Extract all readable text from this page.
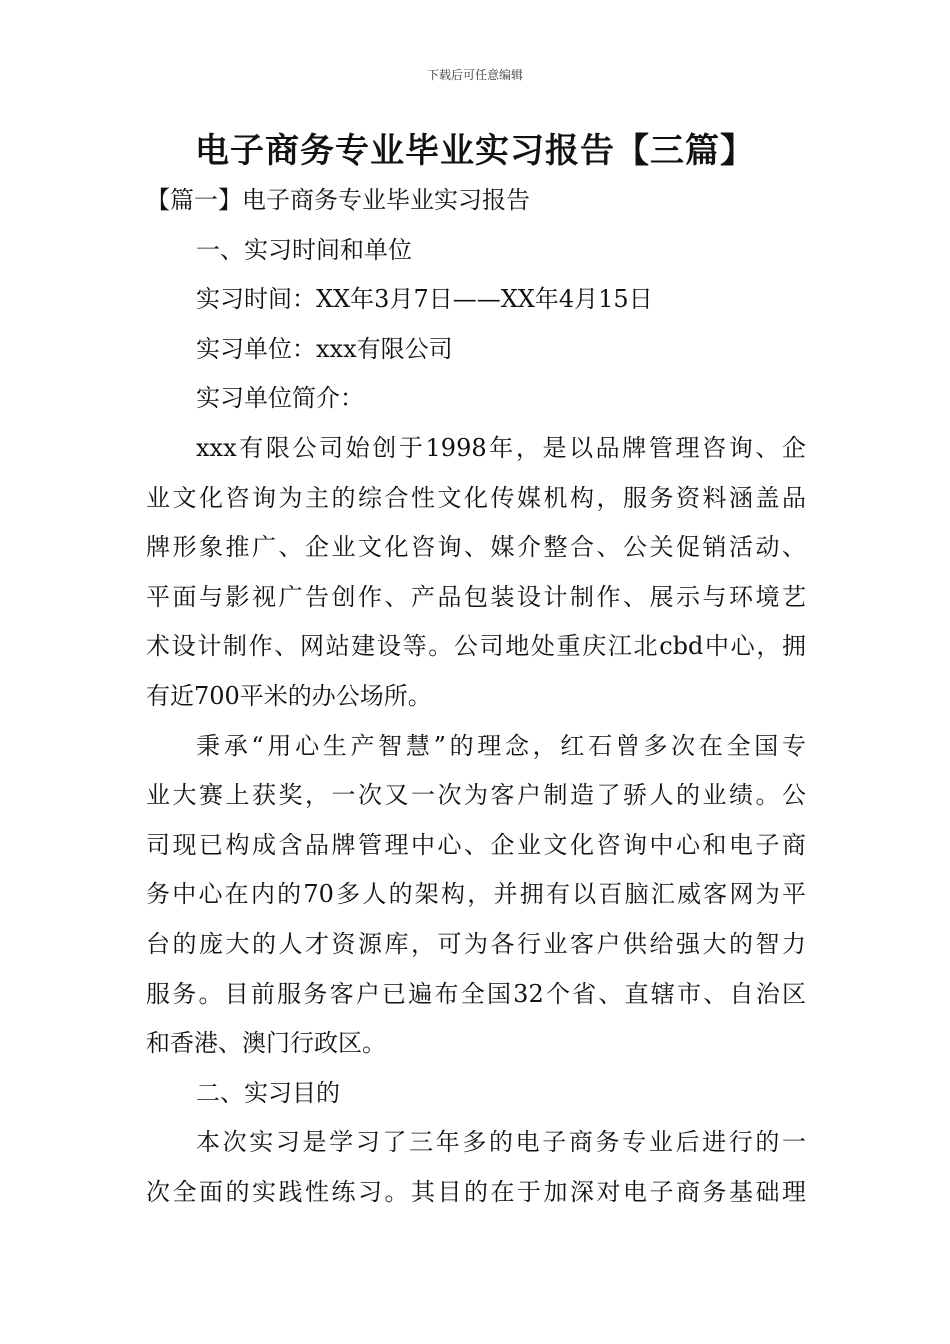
下载后可任意编辑
电子商务专业毕业实习报告【三篇】
【篇一】电子商务专业毕业实习报告
一、实习时间和单位
实习时间：XX年3月7日——XX年4月15日
实习单位：xxx有限公司
实习单位简介：
xxx有限公司始创于1998年，是以品牌管理咨询、企
业文化咨询为主的综合性文化传媒机构，服务资料涵盖品
牌形象推广、企业文化咨询、媒介整合、公关促销活动、
平面与影视广告创作、产品包装设计制作、展示与环境艺
术设计制作、网站建设等。公司地处重庆江北cbd中心，拥
有近700平米的办公场所。
秉承“用心生产智慧”的理念，红石曾多次在全国专
业大赛上获奖，一次又一次为客户制造了骄人的业绩。公
司现已构成含品牌管理中心、企业文化咨询中心和电子商
务中心在内的70多人的架构，并拥有以百脑汇威客网为平
台的庞大的人才资源库，可为各行业客户供给强大的智力
服务。目前服务客户已遍布全国32个省、直辖市、自治区
和香港、澳门行政区。
二、实习目的
本次实习是学习了三年多的电子商务专业后进行的一
次全面的实践性练习。其目的在于加深对电子商务基础理
